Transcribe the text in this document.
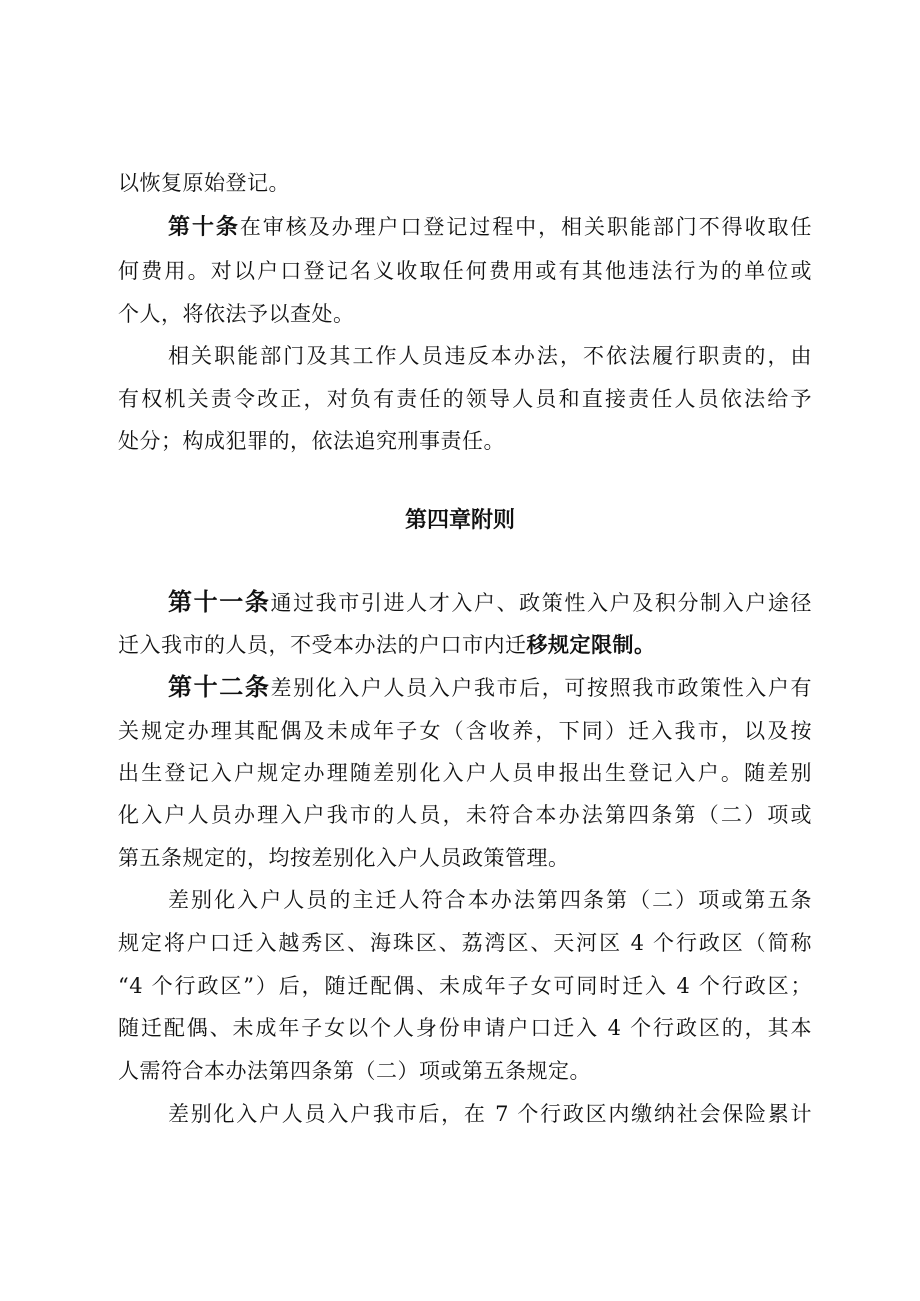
以恢复原始登记。
第十条在审核及办理户口登记过程中，相关职能部门不得收取任
何费用。对以户口登记名义收取任何费用或有其他违法行为的单位或
个人，将依法予以查处。
相关职能部门及其工作人员违反本办法，不依法履行职责的，由
有权机关责令改正，对负有责任的领导人员和直接责任人员依法给予
处分；构成犯罪的，依法追究刑事责任。
第四章附则
第十一条通过我市引进人才入户、政策性入户及积分制入户途径
迁入我市的人员，不受本办法的户口市内迁移规定限制。
第十二条差别化入户人员入户我市后，可按照我市政策性入户有
关规定办理其配偶及未成年子女（含收养，下同）迁入我市，以及按
出生登记入户规定办理随差别化入户人员申报出生登记入户。随差别
化入户人员办理入户我市的人员，未符合本办法第四条第（二）项或
第五条规定的，均按差别化入户人员政策管理。
差别化入户人员的主迁人符合本办法第四条第（二）项或第五条
规定将户口迁入越秀区、海珠区、荔湾区、天河区 4 个行政区（简称
“4 个行政区”）后，随迁配偶、未成年子女可同时迁入 4 个行政区；
随迁配偶、未成年子女以个人身份申请户口迁入 4 个行政区的，其本
人需符合本办法第四条第（二）项或第五条规定。
差别化入户人员入户我市后，在 7 个行政区内缴纳社会保险累计
